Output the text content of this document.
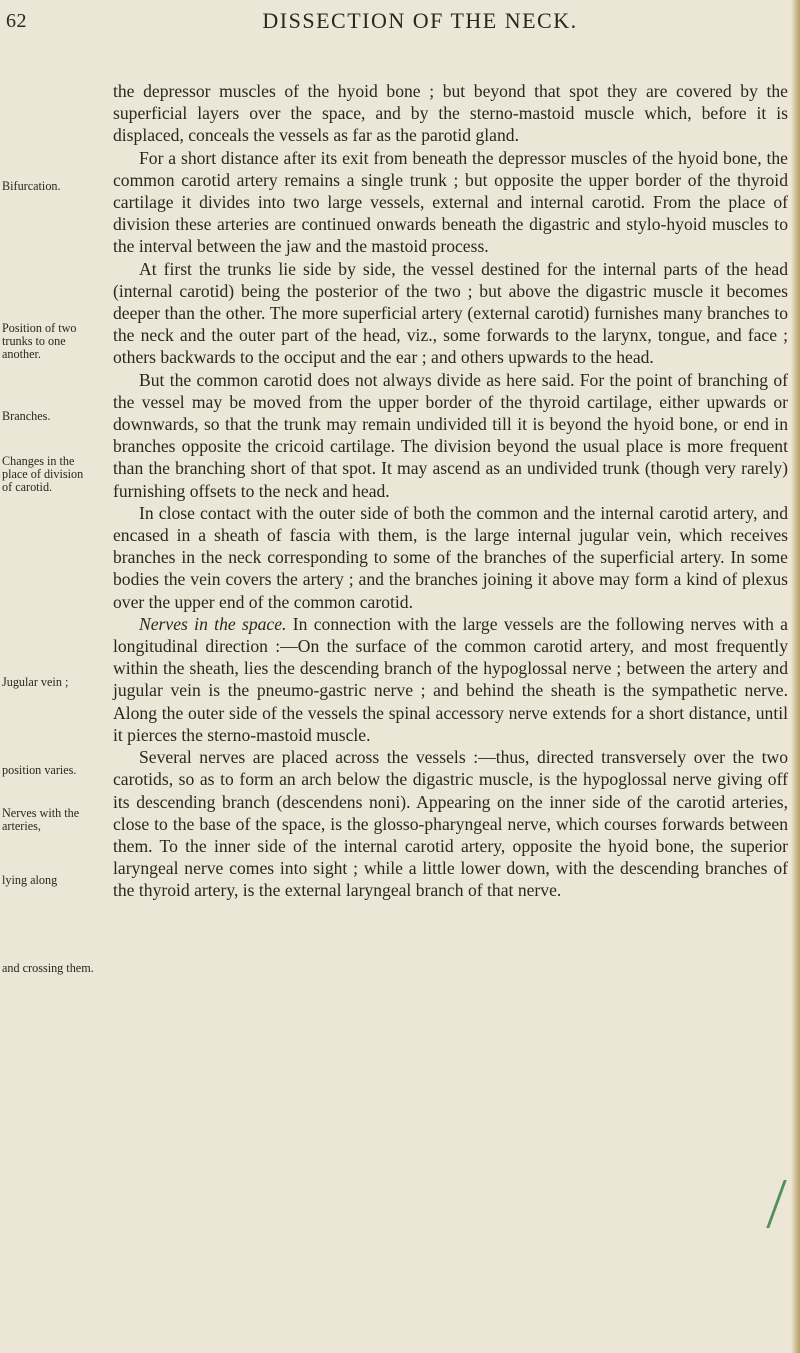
62	DISSECTION OF THE NECK.
Bifurcation.
Position of two trunks to one another.
Branches.
Changes in the place of division of carotid.
Jugular vein ;
position varies.
Nerves with the arteries,
lying along
and crossing them.

the depressor muscles of the hyoid bone ; but beyond that spot they are covered by the superficial layers over the space, and by the sterno-mastoid muscle which, before it is displaced, conceals the vessels as far as the parotid gland.

For a short distance after its exit from beneath the depressor muscles of the hyoid bone, the common carotid artery remains a single trunk ; but opposite the upper border of the thyroid cartilage it divides into two large vessels, external and internal carotid. From the place of division these arteries are continued onwards beneath the digastric and stylo-hyoid muscles to the interval between the jaw and the mastoid process.

At first the trunks lie side by side, the vessel destined for the internal parts of the head (internal carotid) being the posterior of the two ; but above the digastric muscle it becomes deeper than the other. The more superficial artery (external carotid) furnishes many branches to the neck and the outer part of the head, viz., some forwards to the larynx, tongue, and face ; others backwards to the occiput and the ear ; and others upwards to the head.

But the common carotid does not always divide as here said. For the point of branching of the vessel may be moved from the upper border of the thyroid cartilage, either upwards or downwards, so that the trunk may remain undivided till it is beyond the hyoid bone, or end in branches opposite the cricoid cartilage. The division beyond the usual place is more frequent than the branching short of that spot. It may ascend as an undivided trunk (though very rarely) furnishing offsets to the neck and head.

In close contact with the outer side of both the common and the internal carotid artery, and encased in a sheath of fascia with them, is the large internal jugular vein, which receives branches in the neck corresponding to some of the branches of the superficial artery. In some bodies the vein covers the artery ; and the branches joining it above may form a kind of plexus over the upper end of the common carotid.

Nerves in the space. In connection with the large vessels are the following nerves with a longitudinal direction :—On the surface of the common carotid artery, and most frequently within the sheath, lies the descending branch of the hypoglossal nerve ; between the artery and jugular vein is the pneumo-gastric nerve ; and behind the sheath is the sympathetic nerve. Along the outer side of the vessels the spinal accessory nerve extends for a short distance, until it pierces the sterno-mastoid muscle.

Several nerves are placed across the vessels :—thus, directed transversely over the two carotids, so as to form an arch below the digastric muscle, is the hypoglossal nerve giving off its descending branch (descendens noni). Appearing on the inner side of the carotid arteries, close to the base of the space, is the glosso-pharyngeal nerve, which courses forwards between them. To the inner side of the internal carotid artery, opposite the hyoid bone, the superior laryngeal nerve comes into sight ; while a little lower down, with the descending branches of the thyroid artery, is the external laryngeal branch of that nerve.
